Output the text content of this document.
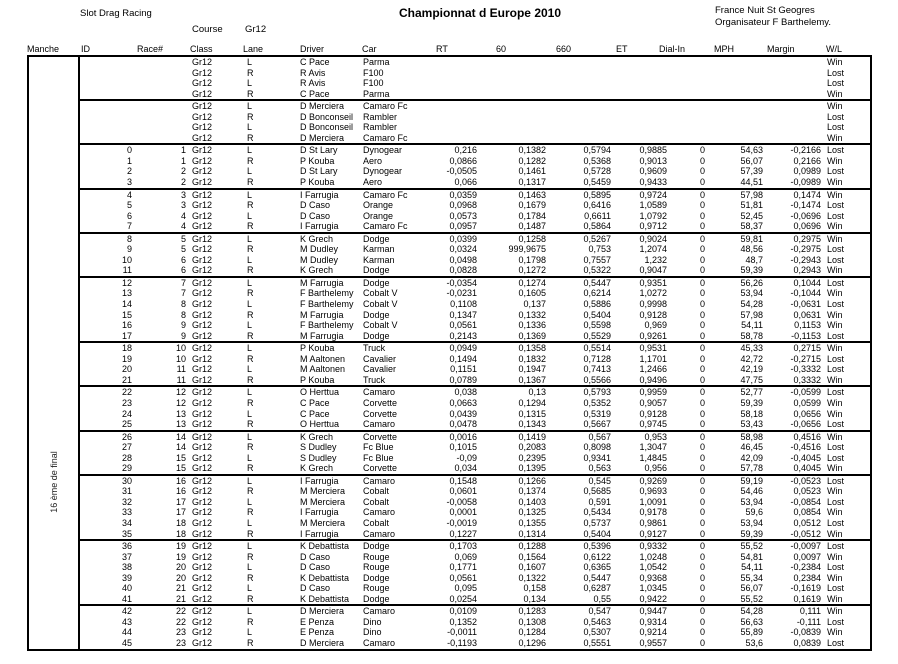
Slot Drag Racing
Course Gr12
Championnat d Europe 2010	France Nuit St Geogres
Organisateur F Barthelemy.
Manche ID	Race#	Class	Lane	Driver	Car	RT	60	660	ET	Dial-In	MPH	Margin	W/L
16 ème de final
Gr12	L	C Pace	Parma	Win
Gr12	R	R Avis	F100	Lost
Gr12	L	R Avis	F100	Lost
Gr12	R	C Pace	Parma	Win
Gr12	L	D Merciera	Camaro Fc	Win
Gr12	R	D Bonconseil	Rambler	Lost
Gr12	L	D Bonconseil	Rambler	Lost
Gr12	R	D Merciera	Camaro Fc	Win
0	1 Gr12	L	D St Lary	Dynogear	0,216	0,1382	0,5794	0,9885	0	54,63	-0,2166 Lost
1	1 Gr12	R	P Kouba	Aero	0,0866	0,1282	0,5368	0,9013	0	56,07	0,2166 Win
2	2 Gr12	L	D St Lary	Dynogear	-0,0505	0,1461	0,5728	0,9609	0	57,39	0,0989 Lost
3	2 Gr12	R	P Kouba	Aero	0,066	0,1317	0,5459	0,9433	0	44,51	-0,0989 Win
4	3 Gr12	L	I Farrugia	Camaro Fc	0,0359	0,1463	0,5895	0,9724	0	57,98	0,1474 Win
5	3 Gr12	R	D Caso	Orange	0,0968	0,1679	0,6416	1,0589	0	51,81	-0,1474 Lost
6	4 Gr12	L	D Caso	Orange	0,0573	0,1784	0,6611	1,0792	0	52,45	-0,0696 Lost
7	4 Gr12	R	I Farrugia	Camaro Fc	0,0957	0,1487	0,5864	0,9712	0	58,37	0,0696 Win
8	5 Gr12	L	K Grech	Dodge	0,0399	0,1258	0,5267	0,9024	0	59,81	0,2975 Win
9	5 Gr12	R	M Dudley	Karman	0,0324	999,9675	0,753	1,2074	0	48,56	-0,2975 Lost
10	6 Gr12	L	M Dudley	Karman	0,0498	0,1798	0,7557	1,232	0	48,7	-0,2943 Lost
11	6 Gr12	R	K Grech	Dodge	0,0828	0,1272	0,5322	0,9047	0	59,39	0,2943 Win
12	7 Gr12	L	M Farrugia	Dodge	-0,0354	0,1274	0,5447	0,9351	0	56,26	0,1044 Lost
13	7 Gr12	R	F Barthelemy	Cobalt V	-0,0231	0,1605	0,6214	1,0272	0	53,94	-0,1044 Win
14	8 Gr12	L	F Barthelemy	Cobalt V	0,1108	0,137	0,5886	0,9998	0	54,28	-0,0631 Lost
15	8 Gr12	R	M Farrugia	Dodge	0,1347	0,1332	0,5404	0,9128	0	57,98	0,0631 Win
16	9 Gr12	L	F Barthelemy	Cobalt V	0,0561	0,1336	0,5598	0,969	0	54,11	0,1153 Win
17	9 Gr12	R	M Farrugia	Dodge	0,2143	0,1369	0,5529	0,9261	0	58,78	-0,1153 Lost
18	10 Gr12	L	P Kouba	Truck	0,0949	0,1358	0,5514	0,9531	0	45,33	0,2715 Win
19	10 Gr12	R	M Aaltonen	Cavalier	0,1494	0,1832	0,7128	1,1701	0	42,72	-0,2715 Lost
20	11 Gr12	L	M Aaltonen	Cavalier	0,1151	0,1947	0,7413	1,2466	0	42,19	-0,3332 Lost
21	11 Gr12	R	P Kouba	Truck	0,0789	0,1367	0,5566	0,9496	0	47,75	0,3332 Win
22	12 Gr12	L	O Herttua	Camaro	0,038	0,13	0,5793	0,9959	0	52,77	-0,0599 Lost
23	12 Gr12	R	C Pace	Corvette	0,0663	0,1294	0,5352	0,9057	0	59,39	0,0599 Win
24	13 Gr12	L	C Pace	Corvette	0,0439	0,1315	0,5319	0,9128	0	58,18	0,0656 Win
25	13 Gr12	R	O Herttua	Camaro	0,0478	0,1343	0,5667	0,9745	0	53,43	-0,0656 Lost
26	14 Gr12	L	K Grech	Corvette	0,0016	0,1419	0,567	0,953	0	58,98	0,4516 Win
27	14 Gr12	R	S Dudley	Fc Blue	0,1015	0,2083	0,8098	1,3047	0	46,45	-0,4516 Lost
28	15 Gr12	L	S Dudley	Fc Blue	-0,09	0,2395	0,9341	1,4845	0	42,09	-0,4045 Lost
29	15 Gr12	R	K Grech	Corvette	0,034	0,1395	0,563	0,956	0	57,78	0,4045 Win
30	16 Gr12	L	I Farrugia	Camaro	0,1548	0,1266	0,545	0,9269	0	59,19	-0,0523 Lost
31	16 Gr12	R	M Merciera	Cobalt	0,0601	0,1374	0,5685	0,9693	0	54,46	0,0523 Win
32	17 Gr12	L	M Merciera	Cobalt	-0,0058	0,1403	0,591	1,0091	0	53,94	-0,0854 Lost
33	17 Gr12	R	I Farrugia	Camaro	0,0001	0,1325	0,5434	0,9178	0	59,6	0,0854 Win
34	18 Gr12	L	M Merciera	Cobalt	-0,0019	0,1355	0,5737	0,9861	0	53,94	0,0512 Lost
35	18 Gr12	R	I Farrugia	Camaro	0,1227	0,1314	0,5404	0,9127	0	59,39	-0,0512 Win
36	19 Gr12	L	K Debattista	Dodge	0,1703	0,1288	0,5396	0,9332	0	55,52	-0,0097 Lost
37	19 Gr12	R	D Caso	Rouge	0,069	0,1564	0,6122	1,0248	0	54,81	0,0097 Win
38	20 Gr12	L	D Caso	Rouge	0,1771	0,1607	0,6365	1,0542	0	54,11	-0,2384 Lost
39	20 Gr12	R	K Debattista	Dodge	0,0561	0,1322	0,5447	0,9368	0	55,34	0,2384 Win
40	21 Gr12	L	D Caso	Rouge	0,095	0,158	0,6287	1,0345	0	56,07	-0,1619 Lost
41	21 Gr12	R	K Debattista	Dodge	0,0254	0,134	0,55	0,9422	0	55,52	0,1619 Win
42	22 Gr12	L	D Merciera	Camaro	0,0109	0,1283	0,547	0,9447	0	54,28	0,111 Win
43	22 Gr12	R	E Penza	Dino	0,1352	0,1308	0,5463	0,9314	0	56,63	-0,111 Lost
44	23 Gr12	L	E Penza	Dino	-0,0011	0,1284	0,5307	0,9214	0	55,89	-0,0839 Win
45	23 Gr12	R	D Merciera	Camaro	-0,1193	0,1296	0,5551	0,9557	0	53,6	0,0839 Lost
